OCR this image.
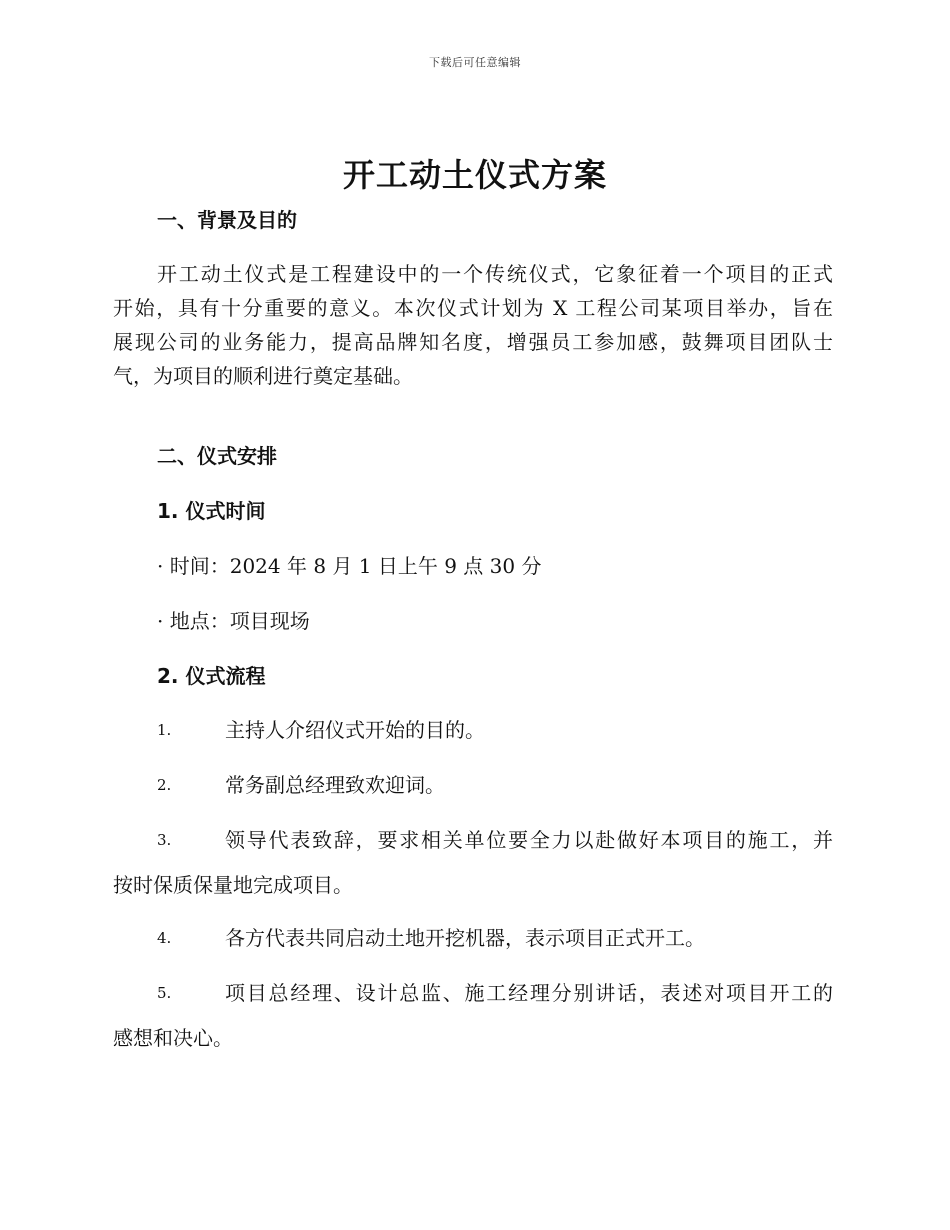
下载后可任意编辑
开工动土仪式方案
一、背景及目的
开工动土仪式是工程建设中的一个传统仪式，它象征着一个项目的正式
开始，具有十分重要的意义。本次仪式计划为 X 工程公司某项目举办，旨在
展现公司的业务能力，提高品牌知名度，增强员工参加感，鼓舞项目团队士
气，为项目的顺利进行奠定基础。
二、仪式安排
1. 仪式时间

· 时间：2024 年 8 月 1 日上午 9 点 30 分

· 地点：项目现场

2. 仪式流程
1.	主持人介绍仪式开始的目的。
2.	常务副总经理致欢迎词。
3.	领导代表致辞，要求相关单位要全力以赴做好本项目的施工，并
按时保质保量地完成项目。
4.	各方代表共同启动土地开挖机器，表示项目正式开工。
5.	项目总经理、设计总监、施工经理分别讲话，表述对项目开工的
感想和决心。
